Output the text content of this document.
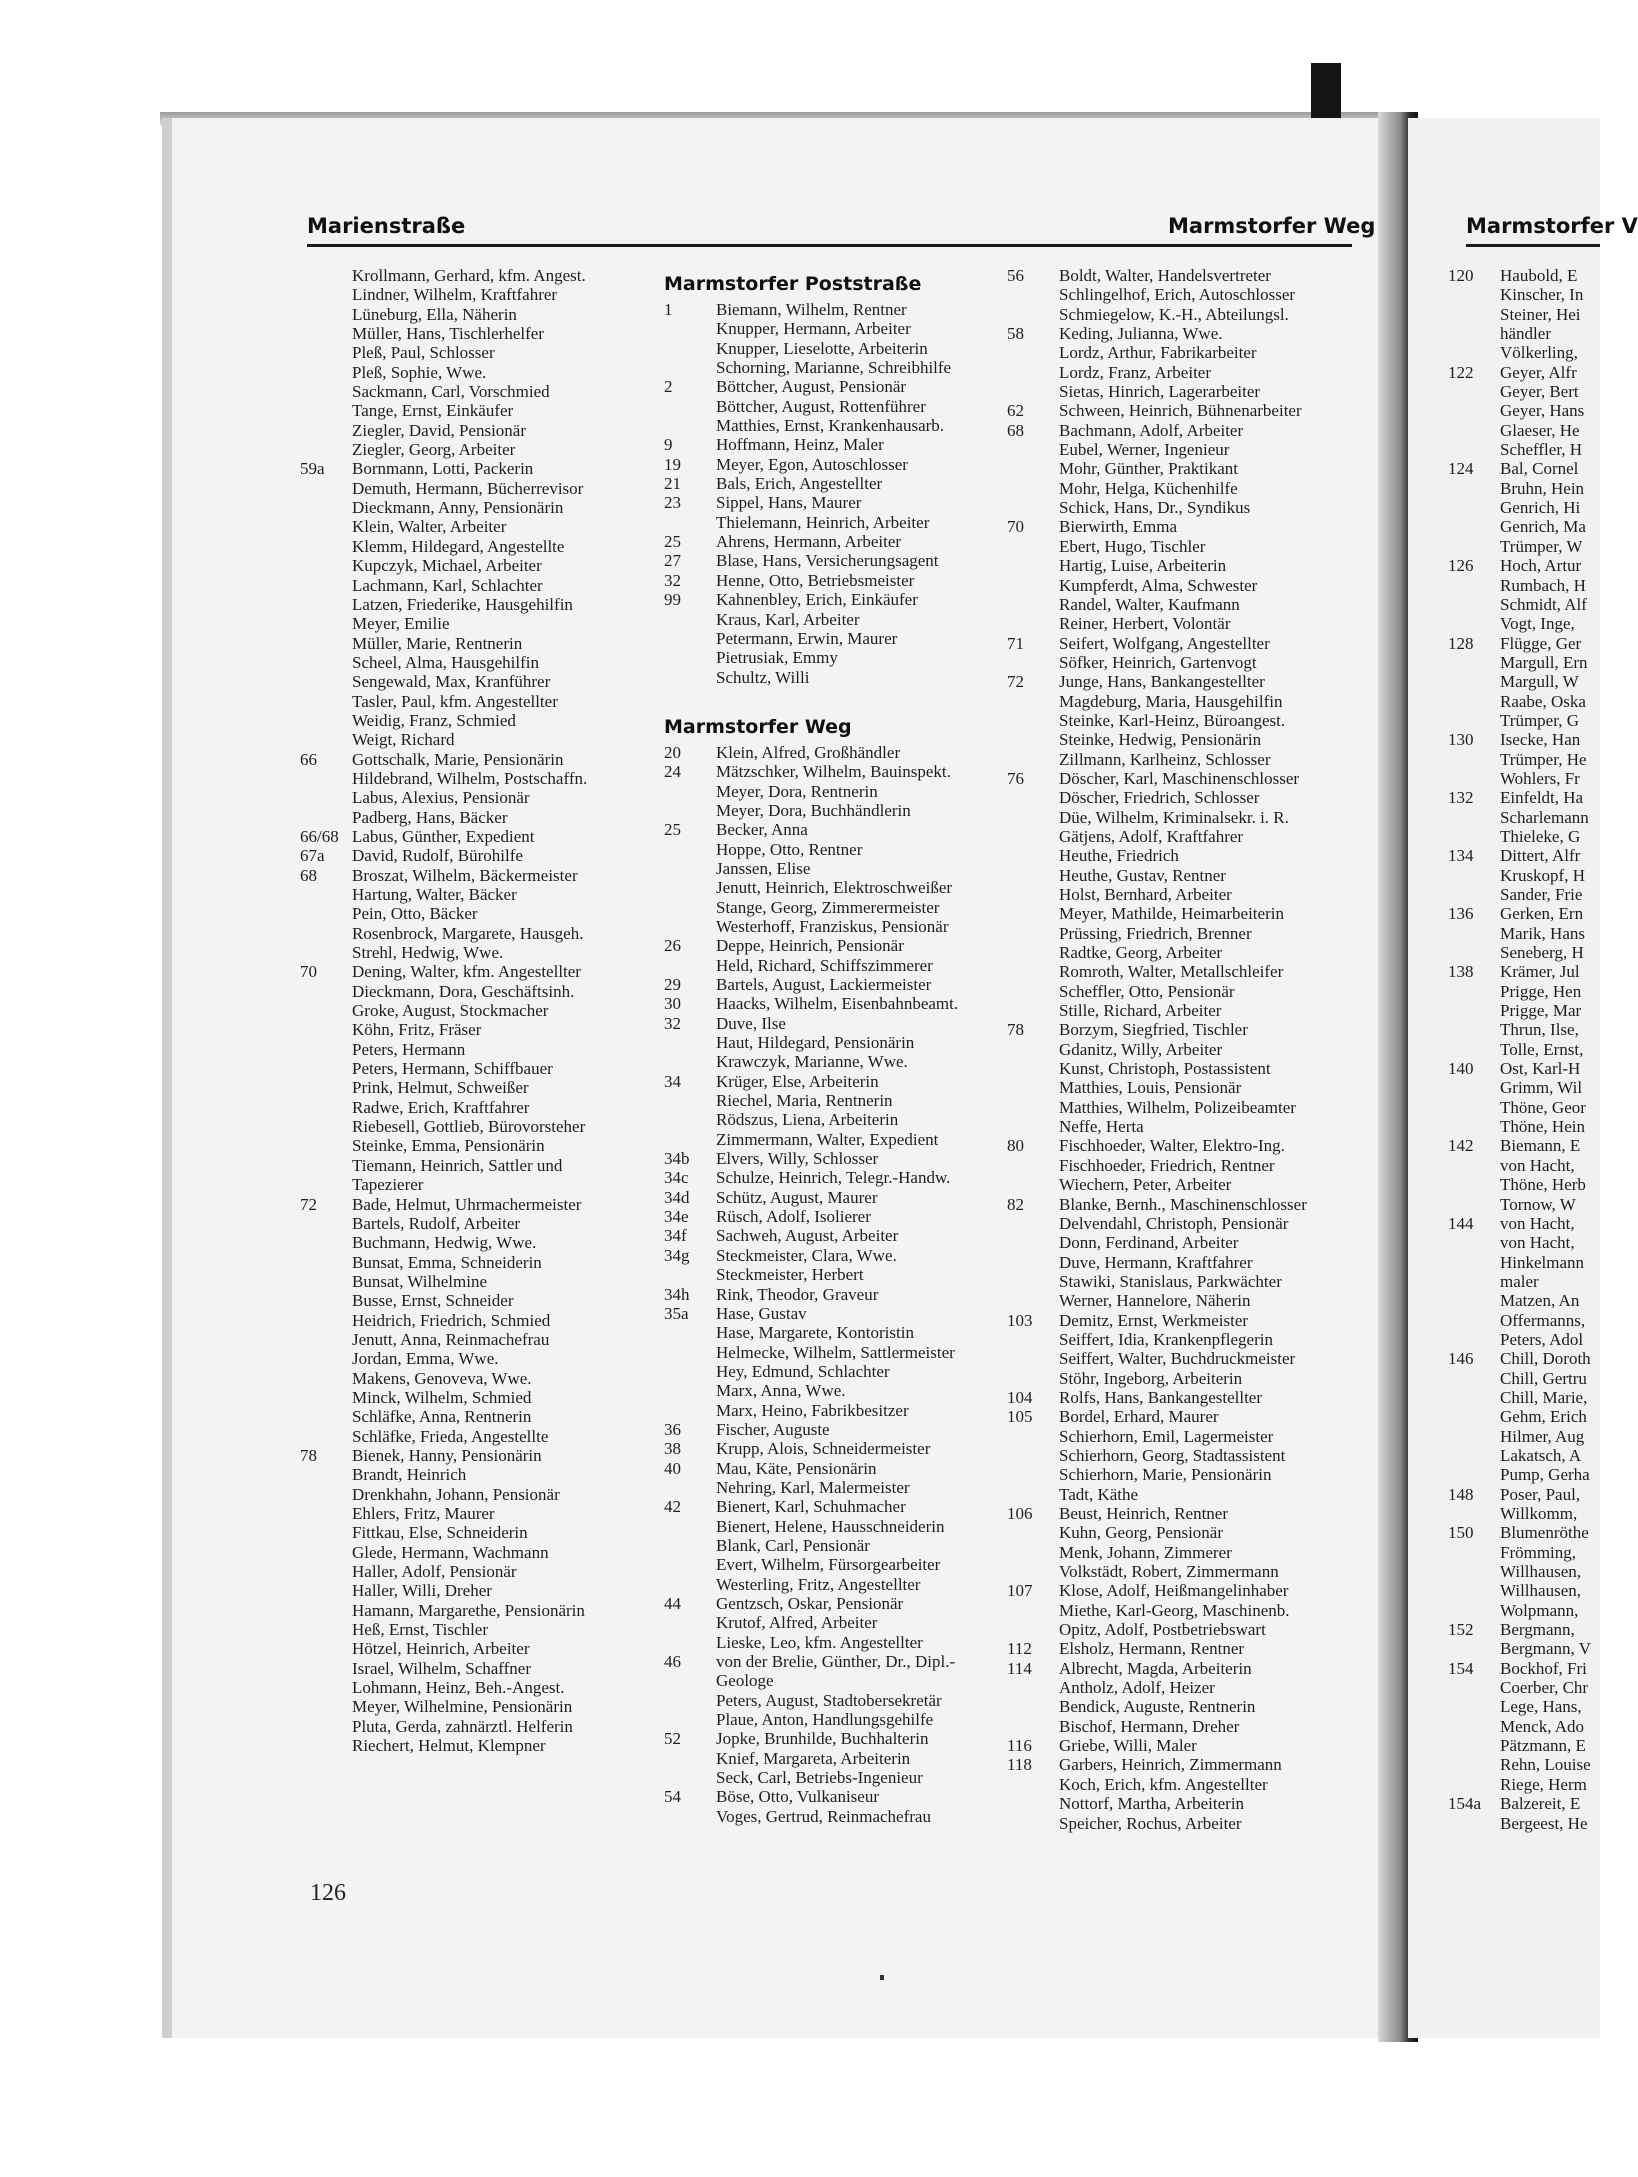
Marienstraße	Marmstorfer Weg	Marmstorfer V
Krollmann, Gerhard, kfm. Angest.
Lindner, Wilhelm, Kraftfahrer
Lüneburg, Ella, Näherin
Müller, Hans, Tischlerhelfer
Pleß, Paul, Schlosser
Pleß, Sophie, Wwe.
Sackmann, Carl, Vorschmied
Tange, Ernst, Einkäufer
Ziegler, David, Pensionär
Ziegler, Georg, Arbeiter
59a	Bornmann, Lotti, Packerin
Demuth, Hermann, Bücherrevisor
Dieckmann, Anny, Pensionärin
Klein, Walter, Arbeiter
Klemm, Hildegard, Angestellte
Kupczyk, Michael, Arbeiter
Lachmann, Karl, Schlachter
Latzen, Friederike, Hausgehilfin
Meyer, Emilie
Müller, Marie, Rentnerin
Scheel, Alma, Hausgehilfin
Sengewald, Max, Kranführer
Tasler, Paul, kfm. Angestellter
Weidig, Franz, Schmied
Weigt, Richard
66	Gottschalk, Marie, Pensionärin
Hildebrand, Wilhelm, Postschaffn.
Labus, Alexius, Pensionär
Padberg, Hans, Bäcker
66/68 Labus, Günther, Expedient
67a	David, Rudolf, Bürohilfe
68	Broszat, Wilhelm, Bäckermeister
Hartung, Walter, Bäcker
Pein, Otto, Bäcker
Rosenbrock, Margarete, Hausgeh.
Strehl, Hedwig, Wwe.
70	Dening, Walter, kfm. Angestellter
Dieckmann, Dora, Geschäftsinh.
Groke, August, Stockmacher
Köhn, Fritz, Fräser
Peters, Hermann
Peters, Hermann, Schiffbauer
Prink, Helmut, Schweißer
Radwe, Erich, Kraftfahrer
Riebesell, Gottlieb, Bürovorsteher
Steinke, Emma, Pensionärin
Tiemann, Heinrich, Sattler und
Tapezierer
72	Bade, Helmut, Uhrmachermeister
Bartels, Rudolf, Arbeiter
Buchmann, Hedwig, Wwe.
Bunsat, Emma, Schneiderin
Bunsat, Wilhelmine
Busse, Ernst, Schneider
Heidrich, Friedrich, Schmied
Jenutt, Anna, Reinmachefrau
Jordan, Emma, Wwe.
Makens, Genoveva, Wwe.
Minck, Wilhelm, Schmied
Schläfke, Anna, Rentnerin
Schläfke, Frieda, Angestellte
78	Bienek, Hanny, Pensionärin
Brandt, Heinrich
Drenkhahn, Johann, Pensionär
Ehlers, Fritz, Maurer
Fittkau, Else, Schneiderin
Glede, Hermann, Wachmann
Haller, Adolf, Pensionär
Haller, Willi, Dreher
Hamann, Margarethe, Pensionärin
Heß, Ernst, Tischler
Hötzel, Heinrich, Arbeiter
Israel, Wilhelm, Schaffner
Lohmann, Heinz, Beh.-Angest.
Meyer, Wilhelmine, Pensionärin
Pluta, Gerda, zahnärztl. Helferin
Riechert, Helmut, Klempner
Marmstorfer Poststraße
1	Biemann, Wilhelm, Rentner
Knupper, Hermann, Arbeiter
Knupper, Lieselotte, Arbeiterin
Schorning, Marianne, Schreibhilfe
2	Böttcher, August, Pensionär
Böttcher, August, Rottenführer
Matthies, Ernst, Krankenhausarb.
9	Hoffmann, Heinz, Maler
19	Meyer, Egon, Autoschlosser
21	Bals, Erich, Angestellter
23	Sippel, Hans, Maurer
Thielemann, Heinrich, Arbeiter
25	Ahrens, Hermann, Arbeiter
27	Blase, Hans, Versicherungsagent
32	Henne, Otto, Betriebsmeister
99	Kahnenbley, Erich, Einkäufer
Kraus, Karl, Arbeiter
Petermann, Erwin, Maurer
Pietrusiak, Emmy
Schultz, Willi
Marmstorfer Weg
20	Klein, Alfred, Großhändler
24	Mätzschker, Wilhelm, Bauinspekt.
Meyer, Dora, Rentnerin
Meyer, Dora, Buchhändlerin
25	Becker, Anna
Hoppe, Otto, Rentner
Janssen, Elise
Jenutt, Heinrich, Elektroschweißer
Stange, Georg, Zimmerermeister
Westerhoff, Franziskus, Pensionär
26	Deppe, Heinrich, Pensionär
Held, Richard, Schiffszimmerer
29	Bartels, August, Lackiermeister
30	Haacks, Wilhelm, Eisenbahnbeamt.
32	Duve, Ilse
Haut, Hildegard, Pensionärin
Krawczyk, Marianne, Wwe.
34	Krüger, Else, Arbeiterin
Riechel, Maria, Rentnerin
Rödszus, Liena, Arbeiterin
Zimmermann, Walter, Expedient
34b	Elvers, Willy, Schlosser
34c	Schulze, Heinrich, Telegr.-Handw.
34d	Schütz, August, Maurer
34e	Rüsch, Adolf, Isolierer
34f	Sachweh, August, Arbeiter
34g	Steckmeister, Clara, Wwe.
Steckmeister, Herbert
34h	Rink, Theodor, Graveur
35a	Hase, Gustav
Hase, Margarete, Kontoristin
Helmecke, Wilhelm, Sattlermeister
Hey, Edmund, Schlachter
Marx, Anna, Wwe.
Marx, Heino, Fabrikbesitzer
36	Fischer, Auguste
38	Krupp, Alois, Schneidermeister
40	Mau, Käte, Pensionärin
Nehring, Karl, Malermeister
42	Bienert, Karl, Schuhmacher
Bienert, Helene, Hausschneiderin
Blank, Carl, Pensionär
Evert, Wilhelm, Fürsorgearbeiter
Westerling, Fritz, Angestellter
44	Gentzsch, Oskar, Pensionär
Krutof, Alfred, Arbeiter
Lieske, Leo, kfm. Angestellter
46	von der Brelie, Günther, Dr., Dipl.-
Geologe
Peters, August, Stadtobersekretär
Plaue, Anton, Handlungsgehilfe
52	Jopke, Brunhilde, Buchhalterin
Knief, Margareta, Arbeiterin
Seck, Carl, Betriebs-Ingenieur
54	Böse, Otto, Vulkaniseur
Voges, Gertrud, Reinmachefrau
56	Boldt, Walter, Handelsvertreter
Schlingelhof, Erich, Autoschlosser
Schmiegelow, K.-H., Abteilungsl.
58	Keding, Julianna, Wwe.
Lordz, Arthur, Fabrikarbeiter
Lordz, Franz, Arbeiter
Sietas, Hinrich, Lagerarbeiter
62	Schween, Heinrich, Bühnenarbeiter
68	Bachmann, Adolf, Arbeiter
Eubel, Werner, Ingenieur
Mohr, Günther, Praktikant
Mohr, Helga, Küchenhilfe
Schick, Hans, Dr., Syndikus
70	Bierwirth, Emma
Ebert, Hugo, Tischler
Hartig, Luise, Arbeiterin
Kumpferdt, Alma, Schwester
Randel, Walter, Kaufmann
Reiner, Herbert, Volontär
71	Seifert, Wolfgang, Angestellter
Söfker, Heinrich, Gartenvogt
72	Junge, Hans, Bankangestellter
Magdeburg, Maria, Hausgehilfin
Steinke, Karl-Heinz, Büroangest.
Steinke, Hedwig, Pensionärin
Zillmann, Karlheinz, Schlosser
76	Döscher, Karl, Maschinenschlosser
Döscher, Friedrich, Schlosser
Düe, Wilhelm, Kriminalsekr. i. R.
Gätjens, Adolf, Kraftfahrer
Heuthe, Friedrich
Heuthe, Gustav, Rentner
Holst, Bernhard, Arbeiter
Meyer, Mathilde, Heimarbeiterin
Prüssing, Friedrich, Brenner
Radtke, Georg, Arbeiter
Romroth, Walter, Metallschleifer
Scheffler, Otto, Pensionär
Stille, Richard, Arbeiter
78	Borzym, Siegfried, Tischler
Gdanitz, Willy, Arbeiter
Kunst, Christoph, Postassistent
Matthies, Louis, Pensionär
Matthies, Wilhelm, Polizeibeamter
Neffe, Herta
80	Fischhoeder, Walter, Elektro-Ing.
Fischhoeder, Friedrich, Rentner
Wiechern, Peter, Arbeiter
82	Blanke, Bernh., Maschinenschlosser
Delvendahl, Christoph, Pensionär
Donn, Ferdinand, Arbeiter
Duve, Hermann, Kraftfahrer
Stawiki, Stanislaus, Parkwächter
Werner, Hannelore, Näherin
103	Demitz, Ernst, Werkmeister
Seiffert, Idia, Krankenpflegerin
Seiffert, Walter, Buchdruckmeister
Stöhr, Ingeborg, Arbeiterin
104	Rolfs, Hans, Bankangestellter
105	Bordel, Erhard, Maurer
Schierhorn, Emil, Lagermeister
Schierhorn, Georg, Stadtassistent
Schierhorn, Marie, Pensionärin
Tadt, Käthe
106	Beust, Heinrich, Rentner
Kuhn, Georg, Pensionär
Menk, Johann, Zimmerer
Volkstädt, Robert, Zimmermann
107	Klose, Adolf, Heißmangelinhaber
Miethe, Karl-Georg, Maschinenb.
Opitz, Adolf, Postbetriebswart
112	Elsholz, Hermann, Rentner
114	Albrecht, Magda, Arbeiterin
Antholz, Adolf, Heizer
Bendick, Auguste, Rentnerin
Bischof, Hermann, Dreher
116	Griebe, Willi, Maler
118	Garbers, Heinrich, Zimmermann
Koch, Erich, kfm. Angestellter
Nottorf, Martha, Arbeiterin
Speicher, Rochus, Arbeiter
120	Haubold, E
Kinscher, In
Steiner, Hei
händler
Völkerling,
122	Geyer, Alfr
Geyer, Bert
Geyer, Hans
Glaeser, He
Scheffler, H
124	Bal, Cornel
Bruhn, Hein
Genrich, Hi
Genrich, Ma
Trümper, W
126	Hoch, Artur
Rumbach, H
Schmidt, Alf
Vogt, Inge,
128	Flügge, Ger
Margull, Ern
Margull, W
Raabe, Oska
Trümper, G
130	Isecke, Han
Trümper, He
Wohlers, Fr
132	Einfeldt, Ha
Scharlemann
Thieleke, G
134	Dittert, Alfr
Kruskopf, H
Sander, Frie
136	Gerken, Ern
Marik, Hans
Seneberg, H
138	Krämer, Jul
Prigge, Hen
Prigge, Mar
Thrun, Ilse,
Tolle, Ernst,
140	Ost, Karl-H
Grimm, Wil
Thöne, Geor
Thöne, Hein
142	Biemann, E
von Hacht,
Thöne, Herb
Tornow, W
144	von Hacht,
von Hacht,
Hinkelmann
maler
Matzen, An
Offermanns,
Peters, Adol
146	Chill, Doroth
Chill, Gertru
Chill, Marie,
Gehm, Erich
Hilmer, Aug
Lakatsch, A
Pump, Gerha
148	Poser, Paul,
Willkomm,
150	Blumenröthe
Frömming,
Willhausen,
Willhausen,
Wolpmann,
152	Bergmann,
Bergmann, V
154	Bockhof, Fri
Coerber, Chr
Lege, Hans,
Menck, Ado
Pätzmann, E
Rehn, Louise
Riege, Herm
154a	Balzereit, E
Bergeest, He
126
